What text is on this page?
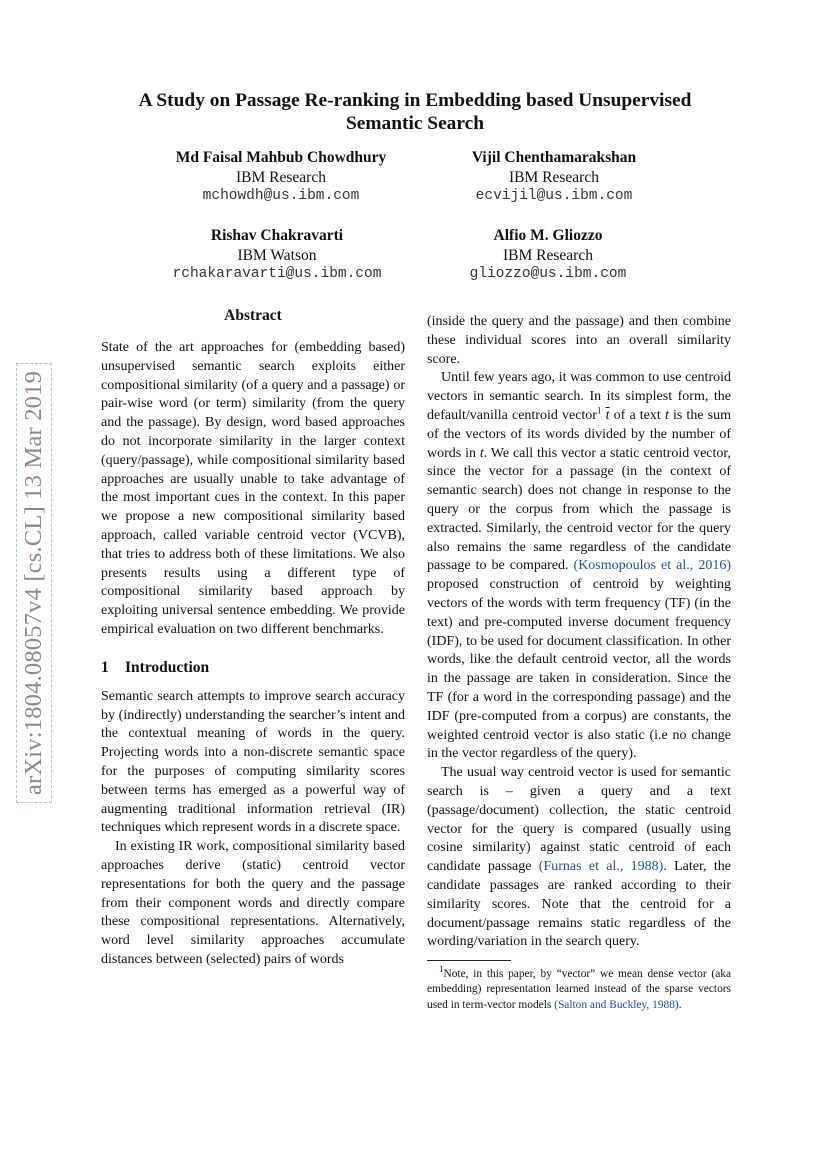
arXiv:1804.08057v4 [cs.CL] 13 Mar 2019
A Study on Passage Re-ranking in Embedding based Unsupervised
Semantic Search
Md Faisal Mahbub Chowdhury
IBM Research
mchowdh@us.ibm.com
Vijil Chenthamarakshan
IBM Research
ecvijil@us.ibm.com
Rishav Chakravarti
IBM Watson
rchakaravarti@us.ibm.com
Alfio M. Gliozzo
IBM Research
gliozzo@us.ibm.com
Abstract

State of the art approaches for (embedding based) unsupervised semantic search exploits either compositional similarity (of a query and a passage) or pair-wise word (or term) similarity (from the query and the passage). By design, word based approaches do not incorporate similarity in the larger context (query/passage), while compositional similarity based approaches are usually unable to take advantage of the most important cues in the context. In this paper we propose a new compositional similarity based approach, called variable centroid vector (VCVB), that tries to address both of these limitations. We also presents results using a different type of compositional similarity based approach by exploiting universal sentence embedding. We provide empirical evaluation on two different benchmarks.

1 Introduction

Semantic search attempts to improve search accuracy by (indirectly) understanding the searcher’s intent and the contextual meaning of words in the query. Projecting words into a non-discrete semantic space for the purposes of computing similarity scores between terms has emerged as a powerful way of augmenting traditional information retrieval (IR) techniques which represent words in a discrete space.

In existing IR work, compositional similarity based approaches derive (static) centroid vector representations for both the query and the passage from their component words and directly compare these compositional representations. Alternatively, word level similarity approaches accumulate distances between (selected) pairs of words

(inside the query and the passage) and then combine these individual scores into an overall similarity score.

Until few years ago, it was common to use centroid vectors in semantic search. In its simplest form, the default/vanilla centroid vector$^1$ $\overline{t}$ of a text t is the sum of the vectors of its words divided by the number of words in t. We call this vector a static centroid vector, since the vector for a passage (in the context of semantic search) does not change in response to the query or the corpus from which the passage is extracted. Similarly, the centroid vector for the query also remains the same regardless of the candidate passage to be compared. (Kosmopoulos et al., 2016) proposed construction of centroid by weighting vectors of the words with term frequency (TF) (in the text) and pre-computed inverse document frequency (IDF), to be used for document classification. In other words, like the default centroid vector, all the words in the passage are taken in consideration. Since the TF (for a word in the corresponding passage) and the IDF (pre-computed from a corpus) are constants, the weighted centroid vector is also static (i.e no change in the vector regardless of the query).

The usual way centroid vector is used for semantic search is – given a query and a text (passage/document) collection, the static centroid vector for the query is compared (usually using cosine similarity) against static centroid of each candidate passage (Furnas et al., 1988). Later, the candidate passages are ranked according to their similarity scores. Note that the centroid for a document/passage remains static regardless of the wording/variation in the search query.

$^1$Note, in this paper, by “vector” we mean dense vector (aka embedding) representation learned instead of the sparse vectors used in term-vector models (Salton and Buckley, 1988).
